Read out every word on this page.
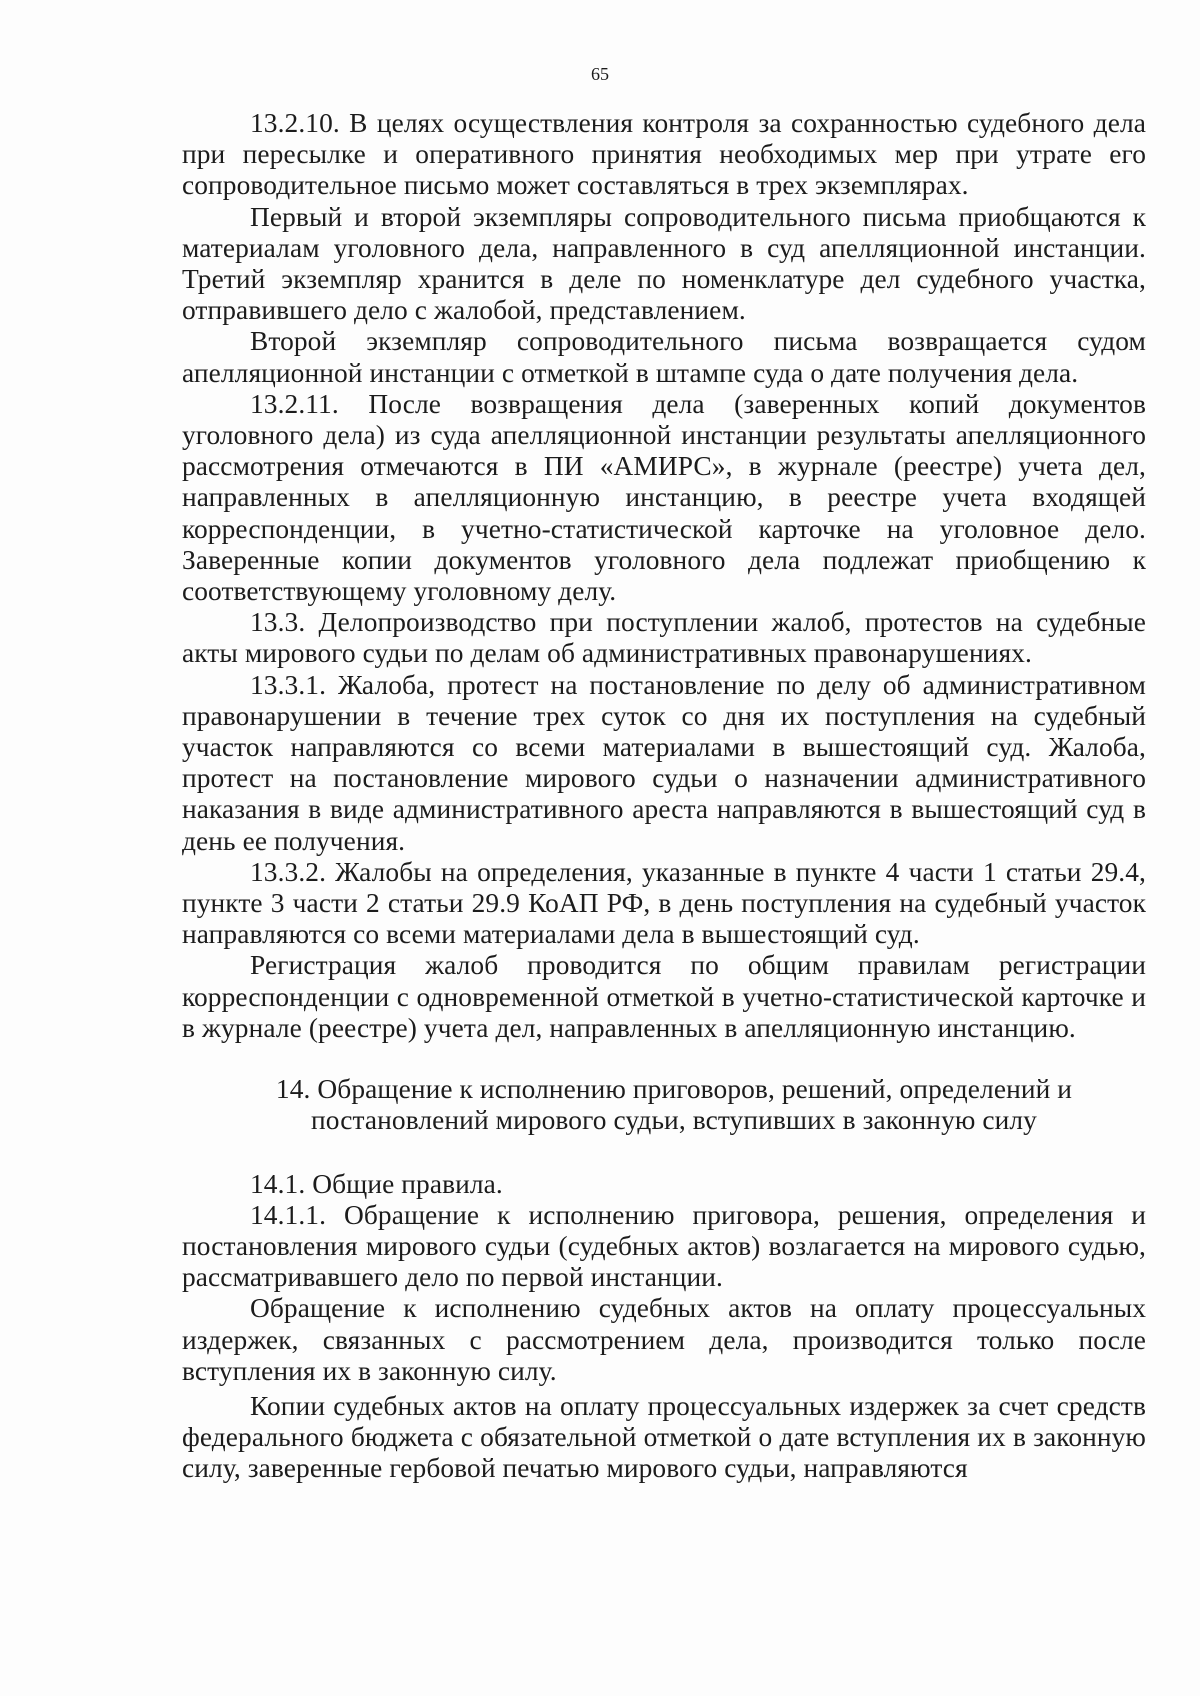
65

13.2.10. В целях осуществления контроля за сохранностью судебного дела при пересылке и оперативного принятия необходимых мер при утрате его сопроводительное письмо может составляться в трех экземплярах.

Первый и второй экземпляры сопроводительного письма приобщаются к материалам уголовного дела, направленного в суд апелляционной инстанции. Третий экземпляр хранится в деле по номенклатуре дел судебного участка, отправившего дело с жалобой, представлением.

Второй экземпляр сопроводительного письма возвращается судом апелляционной инстанции с отметкой в штампе суда о дате получения дела.

13.2.11. После возвращения дела (заверенных копий документов уголовного дела) из суда апелляционной инстанции результаты апелляционного рассмотрения отмечаются в ПИ «АМИРС», в журнале (реестре) учета дел, направленных в апелляционную инстанцию, в реестре учета входящей корреспонденции, в учетно-статистической карточке на уголовное дело. Заверенные копии документов уголовного дела подлежат приобщению к соответствующему уголовному делу.

13.3. Делопроизводство при поступлении жалоб, протестов на судебные акты мирового судьи по делам об административных правонарушениях.

13.3.1. Жалоба, протест на постановление по делу об административном правонарушении в течение трех суток со дня их поступления на судебный участок направляются со всеми материалами в вышестоящий суд. Жалоба, протест на постановление мирового судьи о назначении административного наказания в виде административного ареста направляются в вышестоящий суд в день ее получения.

13.3.2. Жалобы на определения, указанные в пункте 4 части 1 статьи 29.4, пункте 3 части 2 статьи 29.9 КоАП РФ, в день поступления на судебный участок направляются со всеми материалами дела в вышестоящий суд.

Регистрация жалоб проводится по общим правилам регистрации корреспонденции с одновременной отметкой в учетно-статистической карточке и в журнале (реестре) учета дел, направленных в апелляционную инстанцию.

14. Обращение к исполнению приговоров, решений, определений и
постановлений мирового судьи, вступивших в законную силу

14.1. Общие правила.

14.1.1. Обращение к исполнению приговора, решения, определения и постановления мирового судьи (судебных актов) возлагается на мирового судью, рассматривавшего дело по первой инстанции.

Обращение к исполнению судебных актов на оплату процессуальных издержек, связанных с рассмотрением дела, производится только после вступления их в законную силу.

Копии судебных актов на оплату процессуальных издержек за счет средств федерального бюджета с обязательной отметкой о дате вступления их в законную силу, заверенные гербовой печатью мирового судьи, направляются
